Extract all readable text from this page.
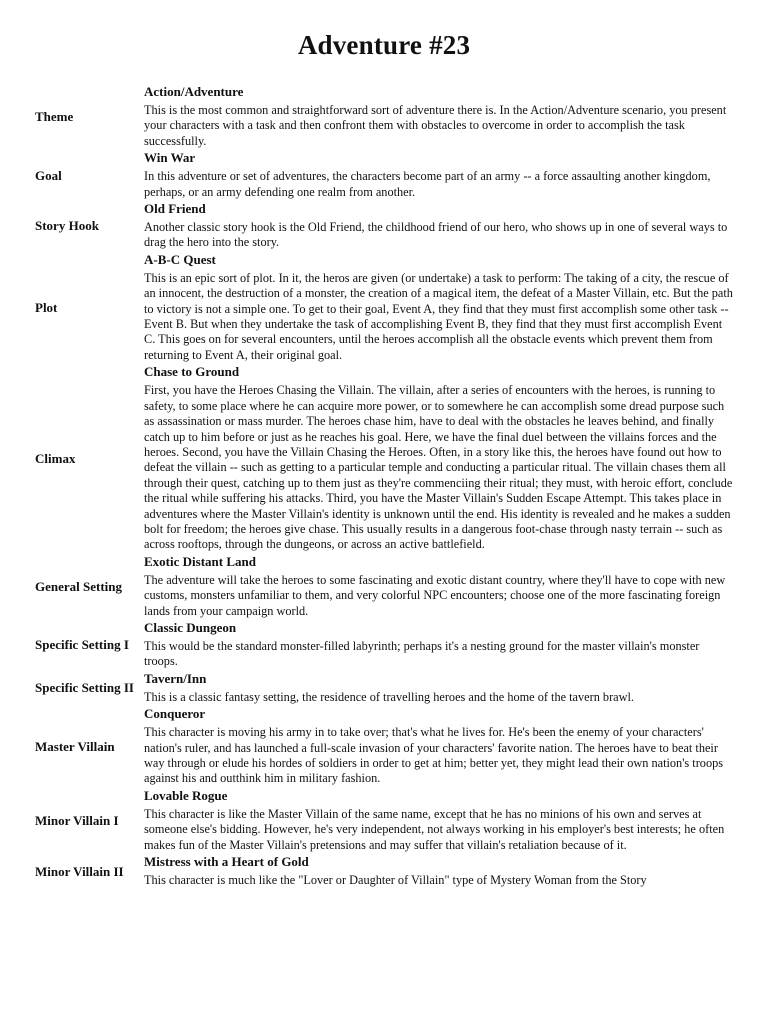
Adventure #23
Theme
Action/Adventure
This is the most common and straightforward sort of adventure there is. In the Action/Adventure scenario, you present your characters with a task and then confront them with obstacles to overcome in order to accomplish the task successfully.
Goal
Win War
In this adventure or set of adventures, the characters become part of an army -- a force assaulting another kingdom, perhaps, or an army defending one realm from another.
Story Hook
Old Friend
Another classic story hook is the Old Friend, the childhood friend of our hero, who shows up in one of several ways to drag the hero into the story.
Plot
A-B-C Quest
This is an epic sort of plot. In it, the heros are given (or undertake) a task to perform: The taking of a city, the rescue of an innocent, the destruction of a monster, the creation of a magical item, the defeat of a Master Villain, etc. But the path to victory is not a simple one. To get to their goal, Event A, they find that they must first accomplish some other task -- Event B. But when they undertake the task of accomplishing Event B, they find that they must first accomplish Event C. This goes on for several encounters, until the heroes accomplish all the obstacle events which prevent them from returning to Event A, their original goal.
Climax
Chase to Ground
First, you have the Heroes Chasing the Villain. The villain, after a series of encounters with the heroes, is running to safety, to some place where he can acquire more power, or to somewhere he can accomplish some dread purpose such as assassination or mass murder. The heroes chase him, have to deal with the obstacles he leaves behind, and finally catch up to him before or just as he reaches his goal. Here, we have the final duel between the villains forces and the heroes. Second, you have the Villain Chasing the Heroes. Often, in a story like this, the heroes have found out how to defeat the villain -- such as getting to a particular temple and conducting a particular ritual. The villain chases them all through their quest, catching up to them just as they're commenciing their ritual; they must, with heroic effort, conclude the ritual while suffering his attacks. Third, you have the Master Villain's Sudden Escape Attempt. This takes place in adventures where the Master Villain's identity is unknown until the end. His identity is revealed and he makes a sudden bolt for freedom; the heroes give chase. This usually results in a dangerous foot-chase through nasty terrain -- such as across rooftops, through the dungeons, or across an active battlefield.
General Setting
Exotic Distant Land
The adventure will take the heroes to some fascinating and exotic distant country, where they'll have to cope with new customs, monsters unfamiliar to them, and very colorful NPC encounters; choose one of the more fascinating foreign lands from your campaign world.
Specific Setting I
Classic Dungeon
This would be the standard monster-filled labyrinth; perhaps it's a nesting ground for the master villain's monster troops.
Specific Setting II
Tavern/Inn
This is a classic fantasy setting, the residence of travelling heroes and the home of the tavern brawl.
Master Villain
Conqueror
This character is moving his army in to take over; that's what he lives for. He's been the enemy of your characters' nation's ruler, and has launched a full-scale invasion of your characters' favorite nation. The heroes have to beat their way through or elude his hordes of soldiers in order to get at him; better yet, they might lead their own nation's troops against his and outthink him in military fashion.
Minor Villain I
Lovable Rogue
This character is like the Master Villain of the same name, except that he has no minions of his own and serves at someone else's bidding. However, he's very independent, not always working in his employer's best interests; he often makes fun of the Master Villain's pretensions and may suffer that villain's retaliation because of it.
Minor Villain II
Mistress with a Heart of Gold
This character is much like the "Lover or Daughter of Villain" type of Mystery Woman from the Story
